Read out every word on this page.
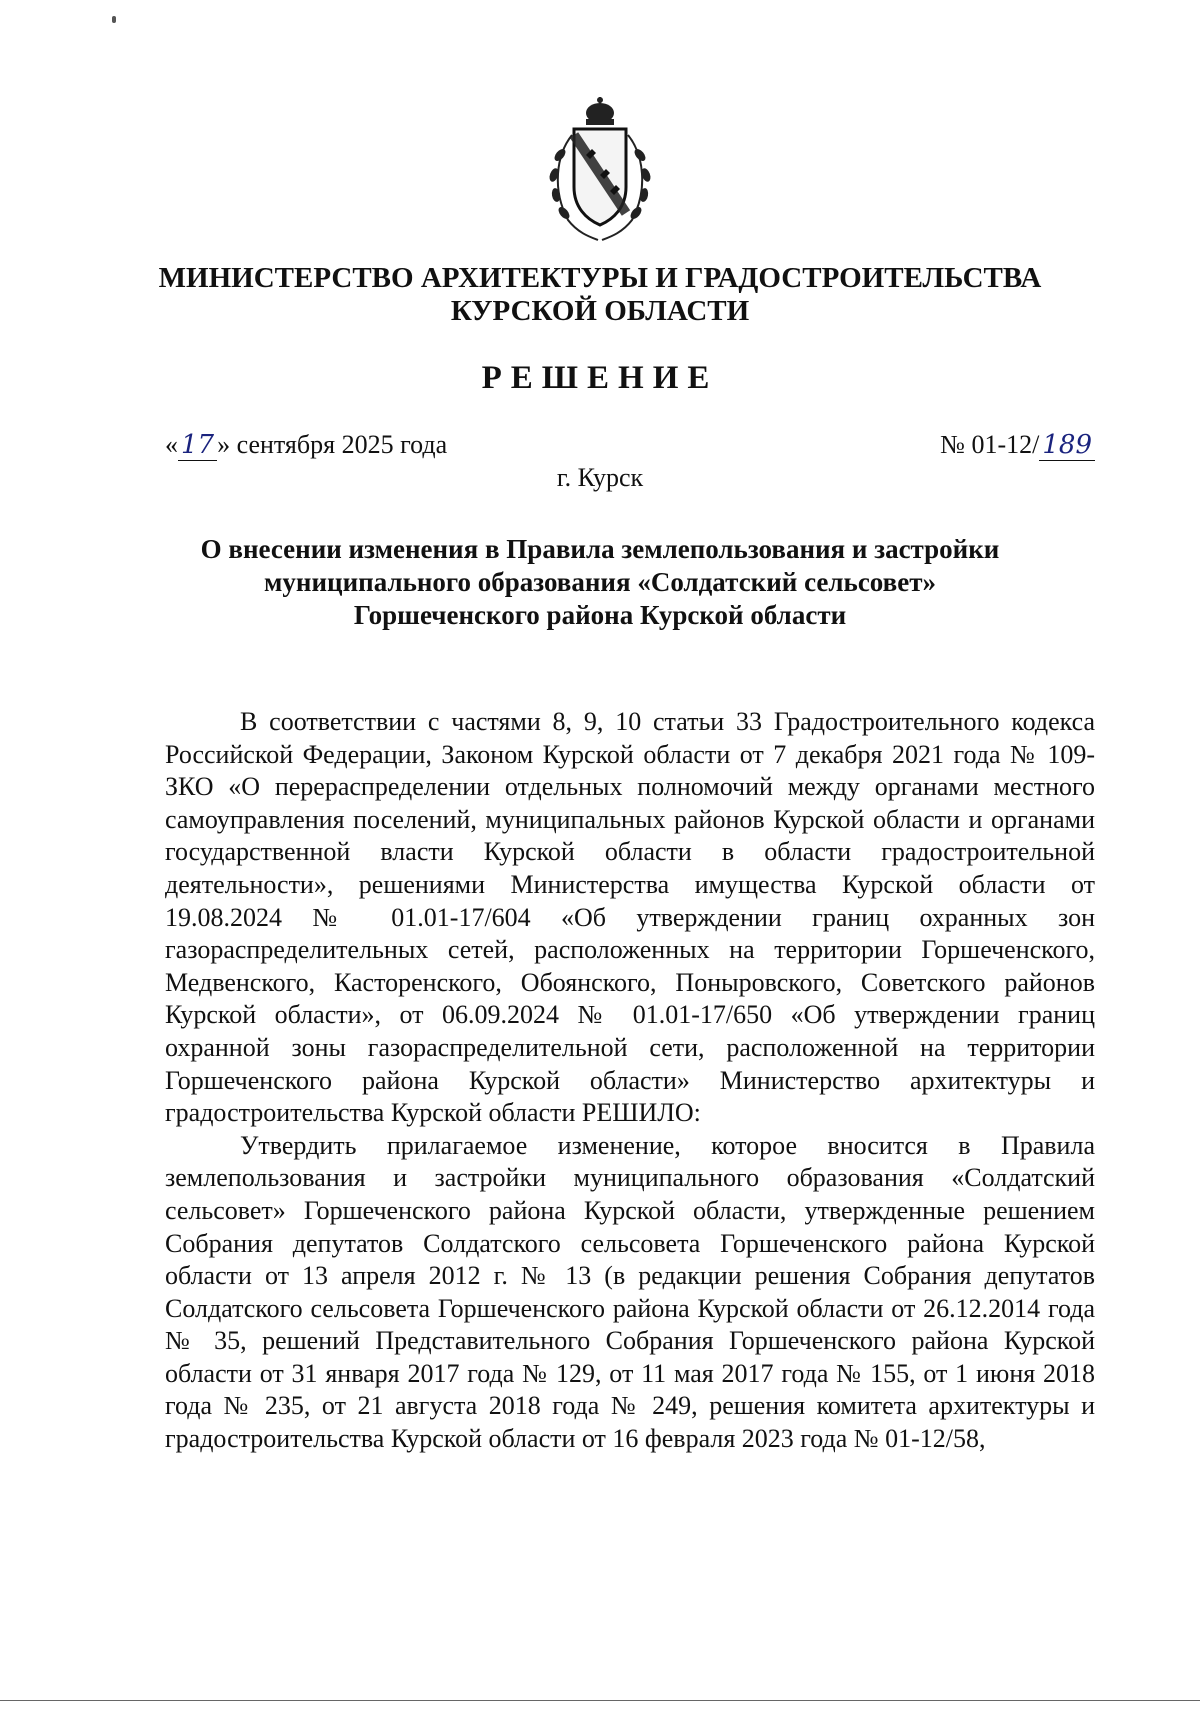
МИНИСТЕРСТВО АРХИТЕКТУРЫ И ГРАДОСТРОИТЕЛЬСТВА
КУРСКОЙ ОБЛАСТИ
РЕШЕНИЕ
« 17 » сентября 2025 года	№ 01-12/ 189
г. Курск
О внесении изменения в Правила землепользования и застройки
муниципального образования «Солдатский сельсовет»
Горшеченского района Курской области

В соответствии с частями 8, 9, 10 статьи 33 Градостроительного кодекса Российской Федерации, Законом Курской области от 7 декабря 2021 года № 109-ЗКО «О перераспределении отдельных полномочий между органами местного самоуправления поселений, муниципальных районов Курской области и органами государственной власти Курской области в области градостроительной деятельности», решениями Министерства имущества Курской области от 19.08.2024 № 01.01-17/604 «Об утверждении границ охранных зон газораспределительных сетей, расположенных на территории Горшеченского, Медвенского, Касторенского, Обоянского, Поныровского, Советского районов Курской области», от 06.09.2024 № 01.01-17/650 «Об утверждении границ охранной зоны газораспределительной сети, расположенной на территории Горшеченского района Курской области» Министерство архитектуры и градостроительства Курской области РЕШИЛО:

Утвердить прилагаемое изменение, которое вносится в Правила землепользования и застройки муниципального образования «Солдатский сельсовет» Горшеченского района Курской области, утвержденные решением Собрания депутатов Солдатского сельсовета Горшеченского района Курской области от 13 апреля 2012 г. № 13 (в редакции решения Собрания депутатов Солдатского сельсовета Горшеченского района Курской области от 26.12.2014 года № 35, решений Представительного Собрания Горшеченского района Курской области от 31 января 2017 года № 129, от 11 мая 2017 года № 155, от 1 июня 2018 года № 235, от 21 августа 2018 года № 249, решения комитета архитектуры и градостроительства Курской области от 16 февраля 2023 года № 01-12/58,
